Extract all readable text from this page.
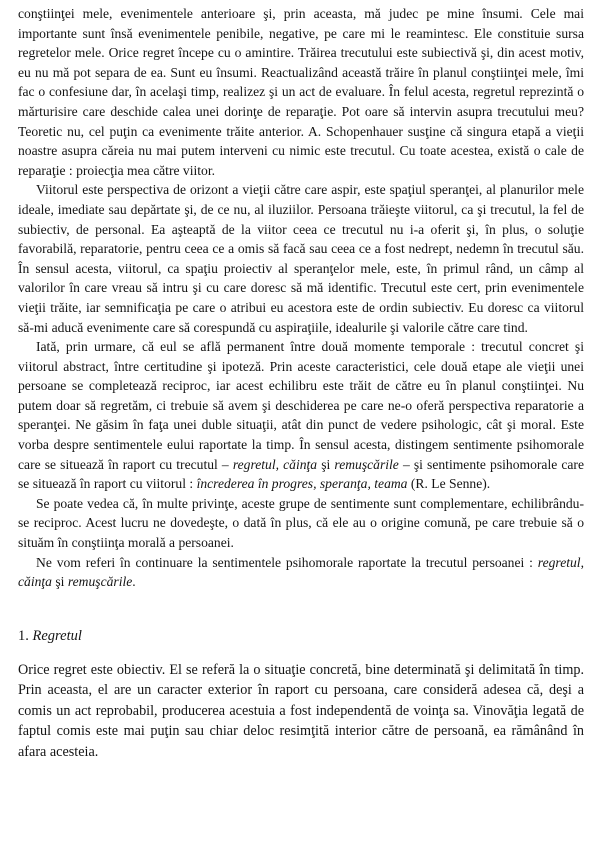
conştiinţei mele, evenimentele anterioare şi, prin aceasta, mă judec pe mine însumi. Cele mai importante sunt însă evenimentele penibile, negative, pe care mi le reamintesc. Ele constituie sursa regretelor mele. Orice regret începe cu o amintire. Trăirea trecutului este subiectivă şi, din acest motiv, eu nu mă pot separa de ea. Sunt eu însumi. Reactualizând această trăire în planul conştiinţei mele, îmi fac o confesiune dar, în acelaşi timp, realizez şi un act de evaluare. În felul acesta, regretul reprezintă o mărturisire care deschide calea unei dorinţe de reparaţie. Pot oare să intervin asupra trecutului meu? Teoretic nu, cel puţin ca evenimente trăite anterior. A. Schopenhauer susţine că singura etapă a vieţii noastre asupra căreia nu mai putem interveni cu nimic este trecutul. Cu toate acestea, există o cale de reparaţie : proiecţia mea către viitor.

Viitorul este perspectiva de orizont a vieţii către care aspir, este spaţiul speranţei, al planurilor mele ideale, imediate sau depărtate şi, de ce nu, al iluziilor. Persoana trăieşte viitorul, ca şi trecutul, la fel de subiectiv, de personal. Ea aşteaptă de la viitor ceea ce trecutul nu i-a oferit şi, în plus, o soluţie favorabilă, reparatorie, pentru ceea ce a omis să facă sau ceea ce a fost nedrept, nedemn în trecutul său. În sensul acesta, viitorul, ca spaţiu proiectiv al speranţelor mele, este, în primul rând, un câmp al valorilor în care vreau să intru şi cu care doresc să mă identific. Trecutul este cert, prin evenimentele vieţii trăite, iar semnificaţia pe care o atribui eu acestora este de ordin subiectiv. Eu doresc ca viitorul să-mi aducă evenimente care să corespundă cu aspiraţiile, idealurile şi valorile către care tind.

Iată, prin urmare, că eul se află permanent între două momente temporale : trecutul concret şi viitorul abstract, între certitudine şi ipoteză. Prin aceste caracteristici, cele două etape ale vieţii unei persoane se completează reciproc, iar acest echilibru este trăit de către eu în planul conştiinţei. Nu putem doar să regretăm, ci trebuie să avem şi deschiderea pe care ne-o oferă perspectiva reparatorie a speranţei. Ne găsim în faţa unei duble situaţii, atât din punct de vedere psihologic, cât şi moral. Este vorba despre sentimentele eului raportate la timp. În sensul acesta, distingem sentimente psihomorale care se situează în raport cu trecutul – regretul, căinţa şi remuşcările – şi sentimente psihomorale care se situează în raport cu viitorul : încrederea în progres, speranţa, teama (R. Le Senne).

Se poate vedea că, în multe privinţe, aceste grupe de sentimente sunt complementare, echilibrându-se reciproc. Acest lucru ne dovedeşte, o dată în plus, că ele au o origine comună, pe care trebuie să o situăm în conştiinţa morală a persoanei.

Ne vom referi în continuare la sentimentele psihomorale raportate la trecutul persoanei : regretul, căinţa şi remuşcările.

1. Regretul

Orice regret este obiectiv. El se referă la o situaţie concretă, bine determinată şi delimitată în timp. Prin aceasta, el are un caracter exterior în raport cu persoana, care consideră adesea că, deşi a comis un act reprobabil, producerea acestuia a fost independentă de voinţa sa. Vinovăţia legată de faptul comis este mai puţin sau chiar deloc resimţită interior către de persoană, ea rămânând în afara acesteia.
